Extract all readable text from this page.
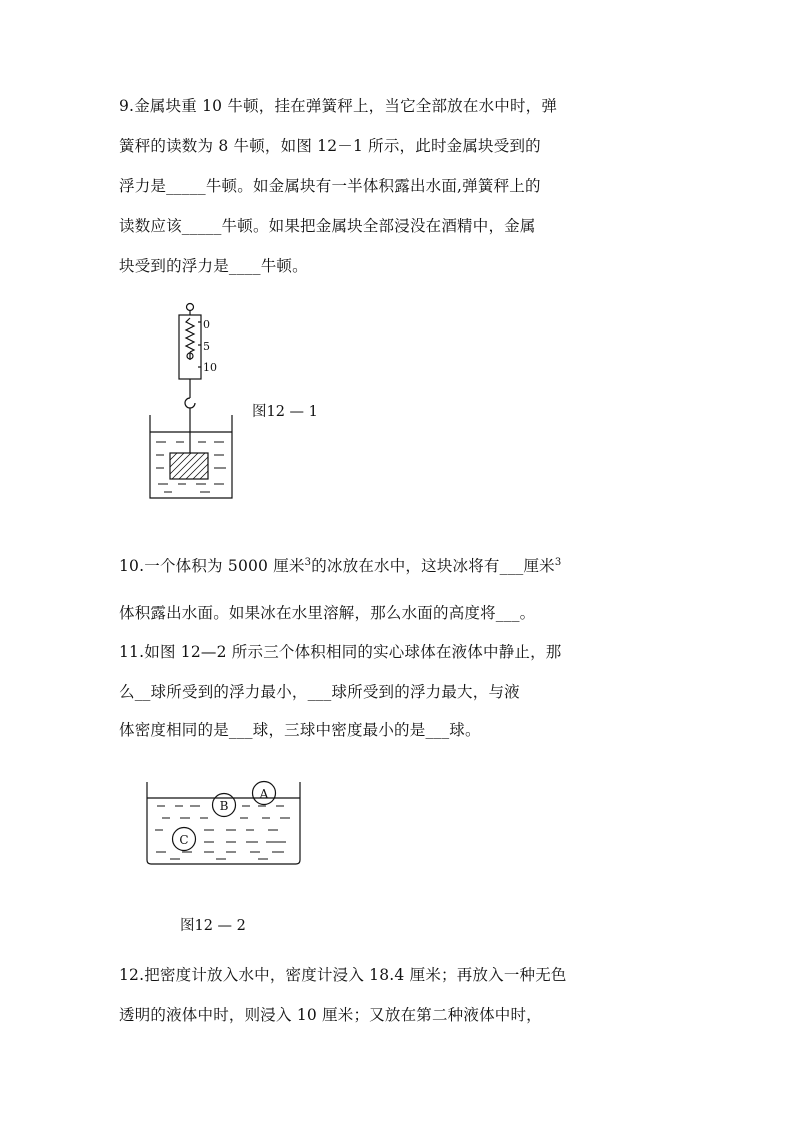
9.金属块重 10 牛顿，挂在弹簧秤上，当它全部放在水中时，弹
簧秤的读数为 8 牛顿，如图 12－1 所示，此时金属块受到的
浮力是_____牛顿。如金属块有一半体积露出水面,弹簧秤上的
读数应该_____牛顿。如果把金属块全部浸没在酒精中，金属
块受到的浮力是____牛顿。
0
5
10
图12 — 1
10.一个体积为 5000 厘米$^3$的冰放在水中，这块冰将有___厘米$^3$
体积露出水面。如果冰在水里溶解，那么水面的高度将___。
11.如图 12—2 所示三个体积相同的实心球体在液体中静止，那
么__球所受到的浮力最小，___球所受到的浮力最大，与液
体密度相同的是___球，三球中密度最小的是___球。
A
B
C
图12 — 2
12.把密度计放入水中，密度计浸入 18.4 厘米；再放入一种无色
透明的液体中时，则浸入 10 厘米；又放在第二种液体中时，
